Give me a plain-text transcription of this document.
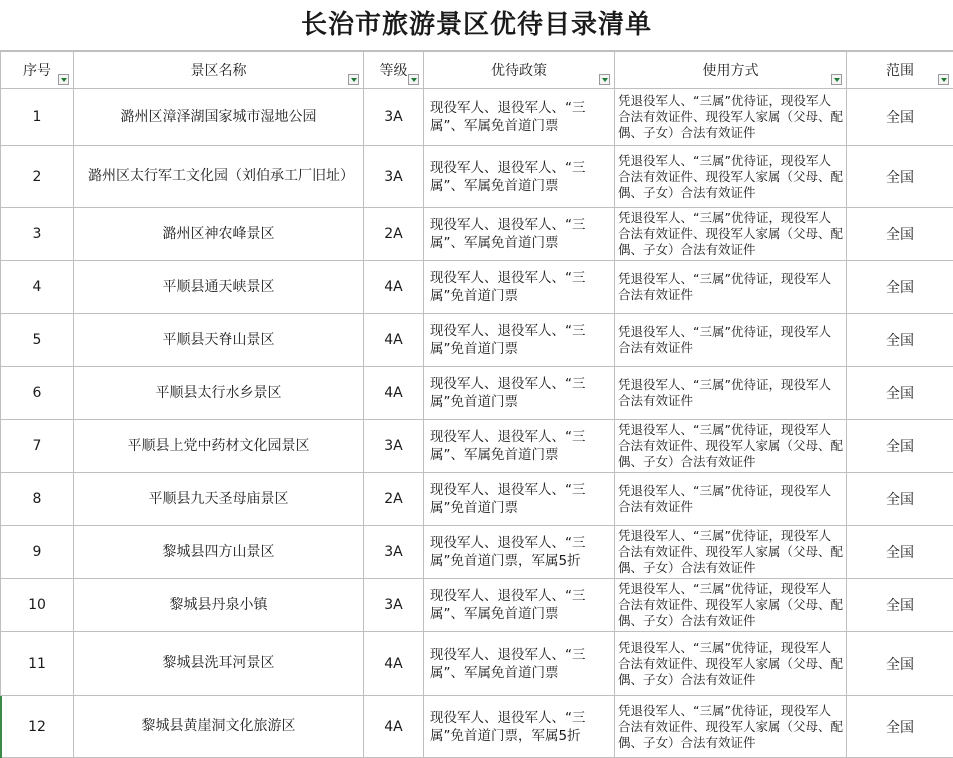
长治市旅游景区优待目录清单
序号	景区名称	等级	优待政策	使用方式	范围

1	潞州区漳泽湖国家城市湿地公园	3A	现役军人、退役军人、“三属”、军属免首道门票	凭退役军人、“三属”优待证，现役军人合法有效证件、现役军人家属（父母、配偶、子女）合法有效证件	全国
2	潞州区太行军工文化园（刘伯承工厂旧址）	3A	现役军人、退役军人、“三属”、军属免首道门票	凭退役军人、“三属”优待证，现役军人合法有效证件、现役军人家属（父母、配偶、子女）合法有效证件	全国
3	潞州区神农峰景区	2A	现役军人、退役军人、“三属”、军属免首道门票	凭退役军人、“三属”优待证，现役军人合法有效证件、现役军人家属（父母、配偶、子女）合法有效证件	全国
4	平顺县通天峡景区	4A	现役军人、退役军人、“三属”免首道门票	凭退役军人、“三属”优待证，现役军人合法有效证件	全国
5	平顺县天脊山景区	4A	现役军人、退役军人、“三属”免首道门票	凭退役军人、“三属”优待证，现役军人合法有效证件	全国
6	平顺县太行水乡景区	4A	现役军人、退役军人、“三属”免首道门票	凭退役军人、“三属”优待证，现役军人合法有效证件	全国
7	平顺县上党中药材文化园景区	3A	现役军人、退役军人、“三属”、军属免首道门票	凭退役军人、“三属”优待证，现役军人合法有效证件、现役军人家属（父母、配偶、子女）合法有效证件	全国
8	平顺县九天圣母庙景区	2A	现役军人、退役军人、“三属”免首道门票	凭退役军人、“三属”优待证，现役军人合法有效证件	全国
9	黎城县四方山景区	3A	现役军人、退役军人、“三属”免首道门票，军属5折	凭退役军人、“三属”优待证，现役军人合法有效证件、现役军人家属（父母、配偶、子女）合法有效证件	全国
10	黎城县丹泉小镇	3A	现役军人、退役军人、“三属”、军属免首道门票	凭退役军人、“三属”优待证，现役军人合法有效证件、现役军人家属（父母、配偶、子女）合法有效证件	全国
11	黎城县洗耳河景区	4A	现役军人、退役军人、“三属”、军属免首道门票	凭退役军人、“三属”优待证，现役军人合法有效证件、现役军人家属（父母、配偶、子女）合法有效证件	全国
12	黎城县黄崖洞文化旅游区	4A	现役军人、退役军人、“三属”免首道门票，军属5折	凭退役军人、“三属”优待证，现役军人合法有效证件、现役军人家属（父母、配偶、子女）合法有效证件	全国
